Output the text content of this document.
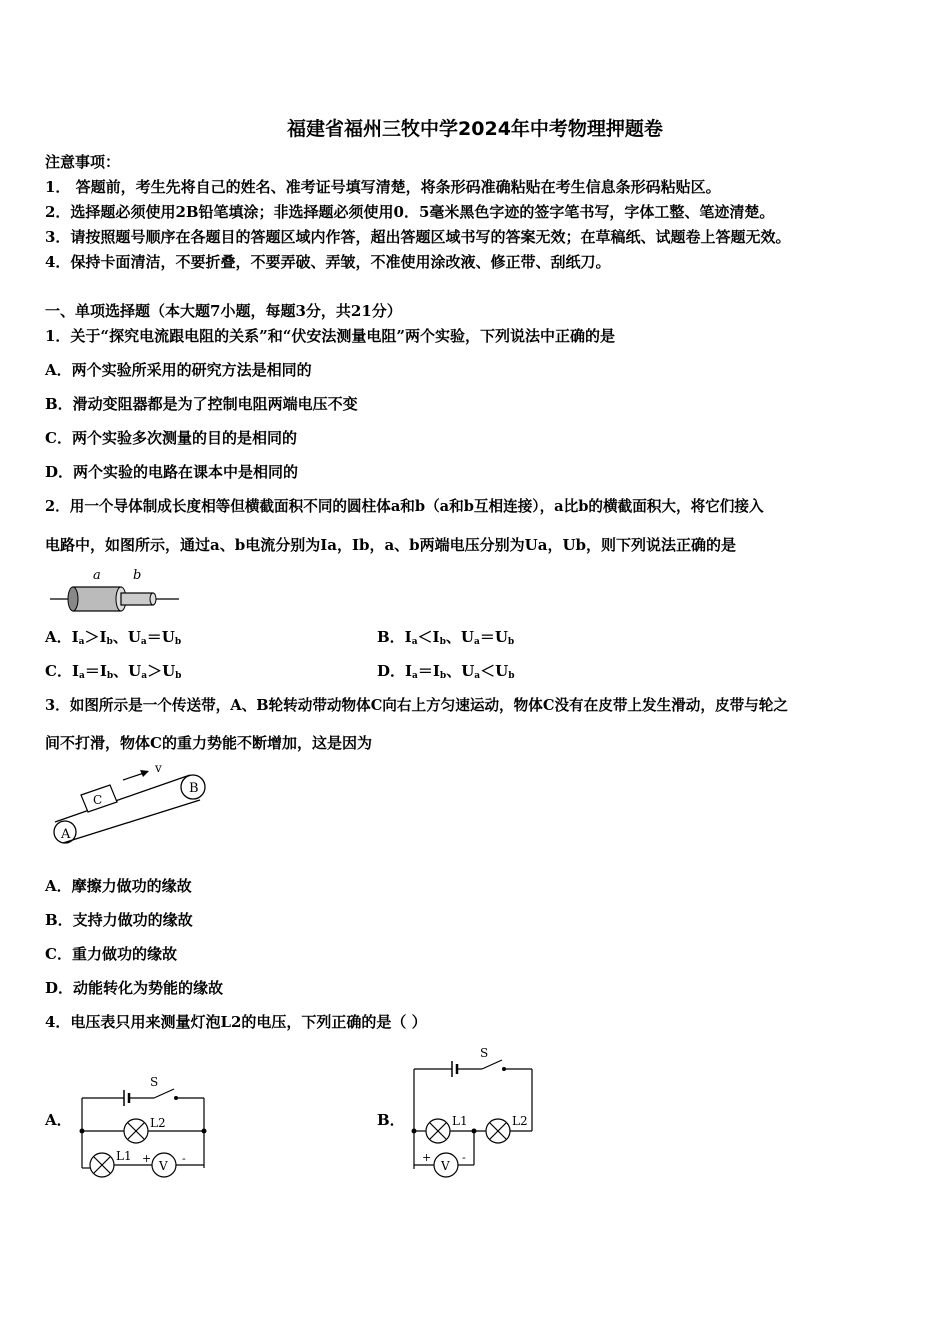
福建省福州三牧中学2024年中考物理押题卷
注意事项：
1． 答题前，考生先将自己的姓名、准考证号填写清楚，将条形码准确粘贴在考生信息条形码粘贴区。
2．选择题必须使用2B铅笔填涂；非选择题必须使用0．5毫米黑色字迹的签字笔书写，字体工整、笔迹清楚。
3．请按照题号顺序在各题目的答题区域内作答，超出答题区域书写的答案无效；在草稿纸、试题卷上答题无效。
4．保持卡面清洁，不要折叠，不要弄破、弄皱，不准使用涂改液、修正带、刮纸刀。
一、单项选择题（本大题7小题，每题3分，共21分）
1．关于“探究电流跟电阻的关系”和“伏安法测量电阻”两个实验，下列说法中正确的是
A．两个实验所采用的研究方法是相同的
B．滑动变阻器都是为了控制电阻两端电压不变
C．两个实验多次测量的目的是相同的
D．两个实验的电路在课本中是相同的
2．用一个导体制成长度相等但横截面积不同的圆柱体a和b（a和b互相连接），a比b的横截面积大，将它们接入
电路中，如图所示，通过a、b电流分别为Ia，Ib，a、b两端电压分别为Ua，Ub，则下列说法正确的是
a b
A．$I_a>I_b$、$U_a=U_b$	B．$I_a<I_b$、$U_a=U_b$
C．$I_a=I_b$、$U_a>U_b$	D．$I_a=I_b$、$U_a<U_b$
3．如图所示是一个传送带，A、B轮转动带动物体C向右上方匀速运动，物体C没有在皮带上发生滑动，皮带与轮之
间不打滑，物体C的重力势能不断增加，这是因为
A
B
C
v
A．摩擦力做功的缘故
B．支持力做功的缘故
C．重力做功的缘故
D．动能转化为势能的缘故
4．电压表只用来测量灯泡L2的电压，下列正确的是（ ）
A．	B．
S
L2
L1 +
V
-
S
L1	L2
+
V
-
